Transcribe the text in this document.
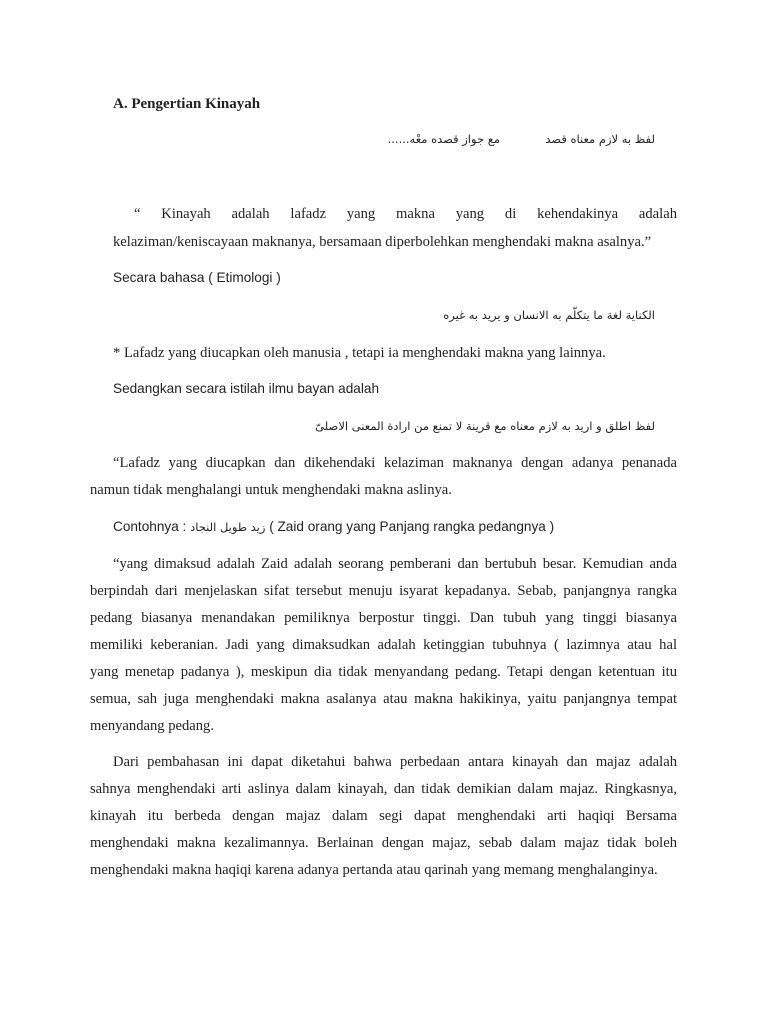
A. Pengertian Kinayah
لفظ به لازم معناه قصد
مع جواز قصده معْه......
“ Kinayah adalah lafadz yang makna yang di kehendakinya adalah
kelaziman/keniscayaan maknanya, bersamaan diperbolehkan menghendaki makna asalnya.”
Secara bahasa ( Etimologi )
الكناية لغة ما يتكلّم به الانسان و يريد به غيره
* Lafadz yang diucapkan oleh manusia , tetapi ia menghendaki makna yang lainnya.
Sedangkan secara istilah ilmu bayan adalah
لفظ اطلق و اريد به لازم معناه مع قرينة لا تمنع من ارادة المعنى الاصلىّ
“Lafadz yang diucapkan dan dikehendaki kelaziman maknanya dengan adanya penanada
namun tidak menghalangi untuk menghendaki makna aslinya.
Contohnya : زيد طويل النجاد ( Zaid orang yang Panjang rangka pedangnya )
“yang dimaksud adalah Zaid adalah seorang pemberani dan bertubuh besar. Kemudian anda
berpindah dari menjelaskan sifat tersebut menuju isyarat kepadanya. Sebab, panjangnya rangka
pedang biasanya menandakan pemiliknya berpostur tinggi. Dan tubuh yang tinggi biasanya
memiliki keberanian. Jadi yang dimaksudkan adalah ketinggian tubuhnya ( lazimnya atau hal
yang menetap padanya ), meskipun dia tidak menyandang pedang. Tetapi dengan ketentuan itu
semua, sah juga menghendaki makna asalanya atau makna hakikinya, yaitu panjangnya tempat
menyandang pedang.
Dari pembahasan ini dapat diketahui bahwa perbedaan antara kinayah dan majaz adalah
sahnya menghendaki arti aslinya dalam kinayah, dan tidak demikian dalam majaz. Ringkasnya,
kinayah itu berbeda dengan majaz dalam segi dapat menghendaki arti haqiqi Bersama
menghendaki makna kezalimannya. Berlainan dengan majaz, sebab dalam majaz tidak boleh
menghendaki makna haqiqi karena adanya pertanda atau qarinah yang memang menghalanginya.
